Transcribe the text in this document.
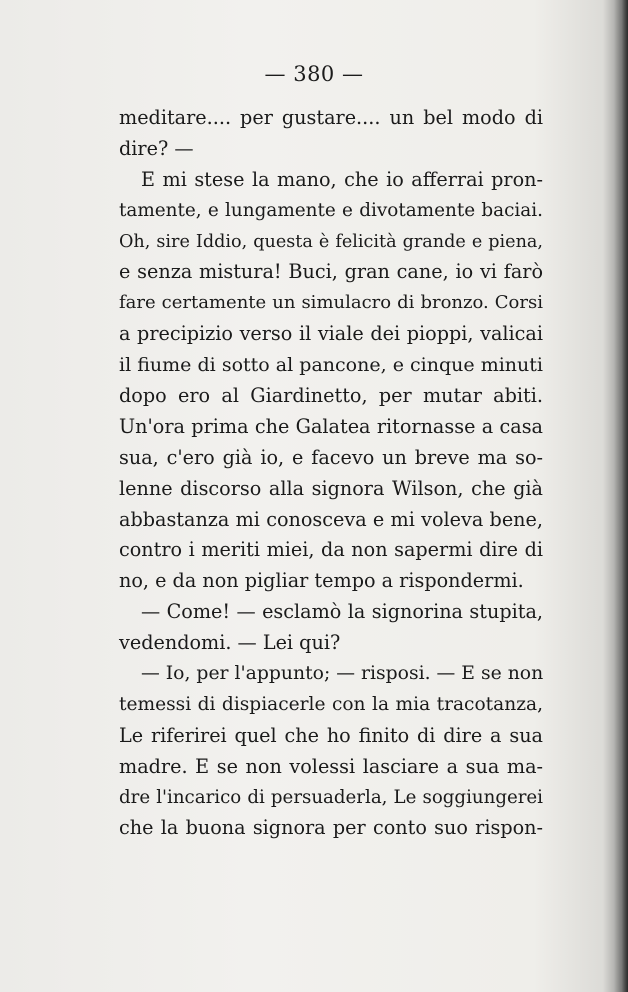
— 380 —
meditare.... per gustare.... un bel modo di
dire? —
E mi stese la mano, che io afferrai pron-
tamente, e lungamente e divotamente baciai.
Oh, sire Iddio, questa è felicità grande e piena,
e senza mistura! Buci, gran cane, io vi farò
fare certamente un simulacro di bronzo. Corsi
a precipizio verso il viale dei pioppi, valicai
il fiume di sotto al pancone, e cinque minuti
dopo ero al Giardinetto, per mutar abiti.
Un'ora prima che Galatea ritornasse a casa
sua, c'ero già io, e facevo un breve ma so-
lenne discorso alla signora Wilson, che già
abbastanza mi conosceva e mi voleva bene,
contro i meriti miei, da non sapermi dire di
no, e da non pigliar tempo a rispondermi.
— Come! — esclamò la signorina stupita,
vedendomi. — Lei qui?
— Io, per l'appunto; — risposi. — E se non
temessi di dispiacerle con la mia tracotanza,
Le riferirei quel che ho finito di dire a sua
madre. E se non volessi lasciare a sua ma-
dre l'incarico di persuaderla, Le soggiungerei
che la buona signora per conto suo rispon-
